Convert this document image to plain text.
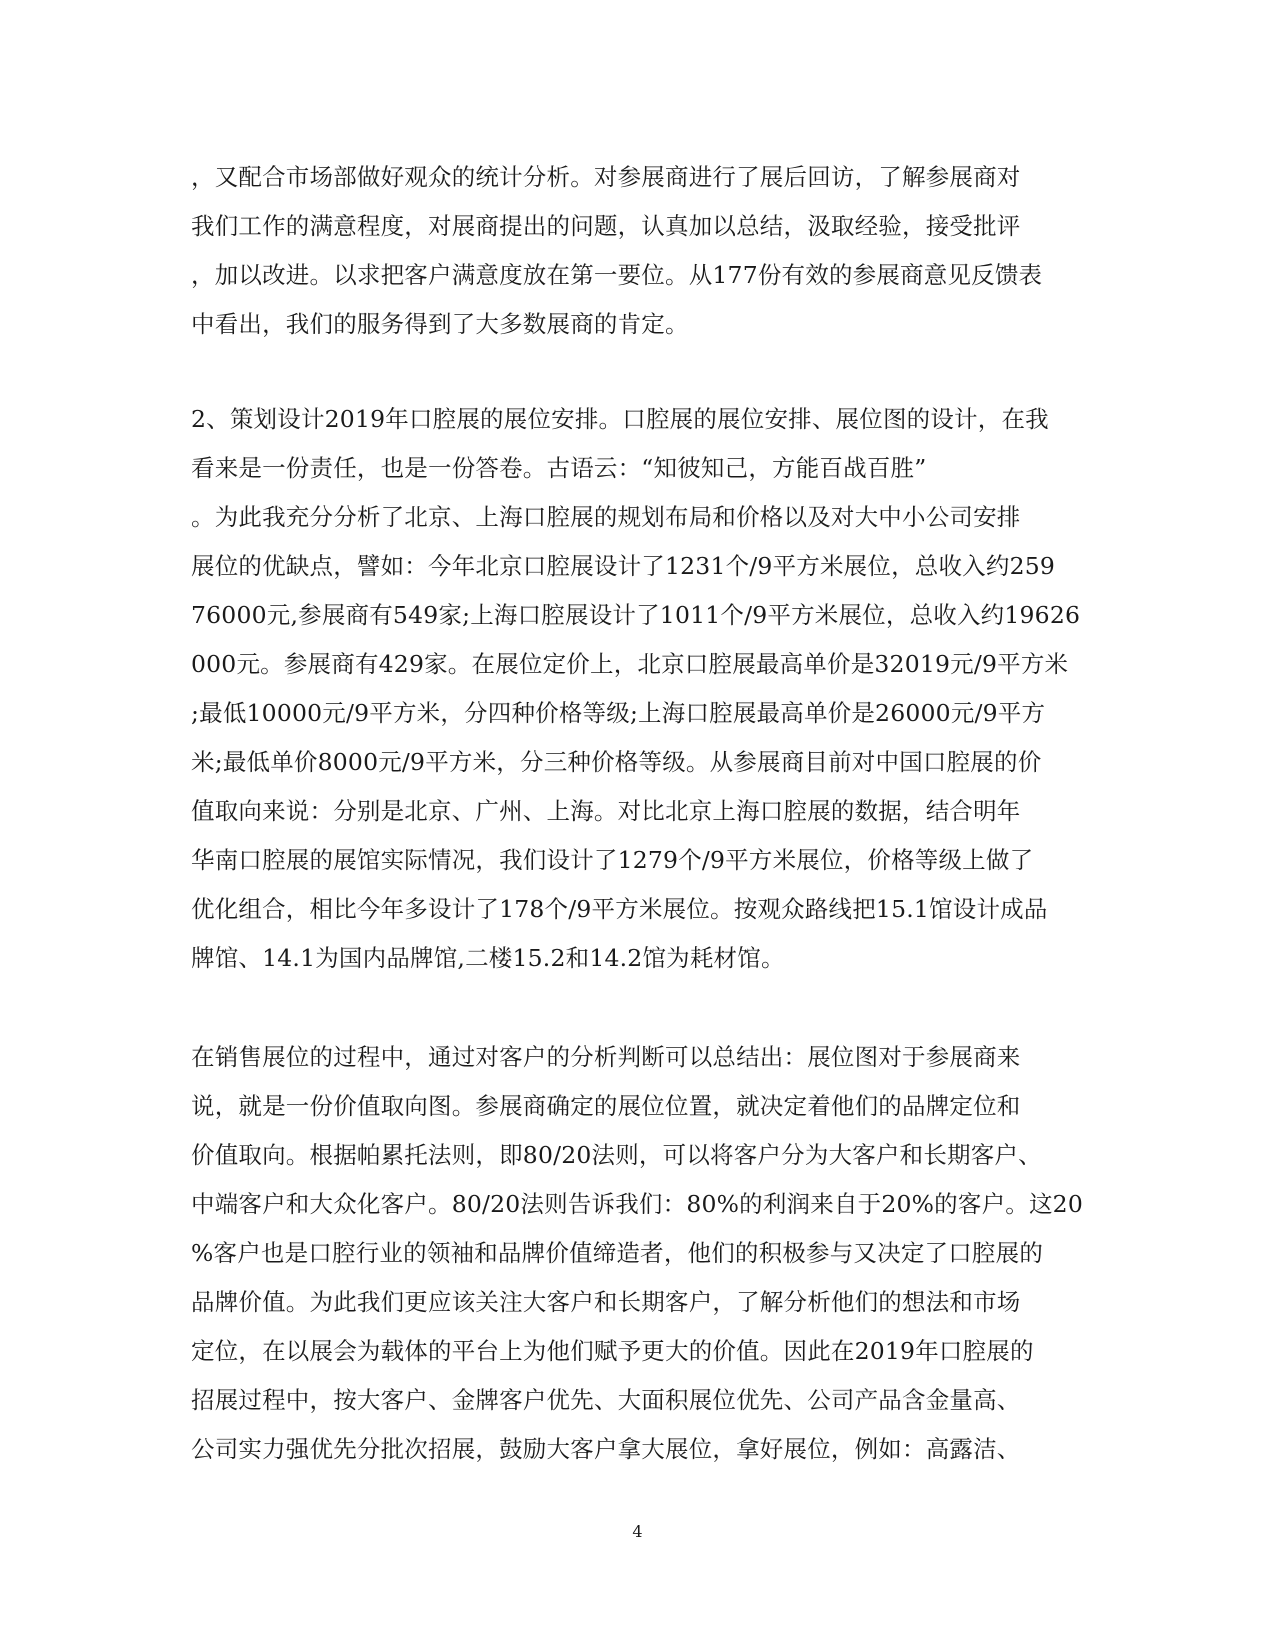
，又配合市场部做好观众的统计分析。对参展商进行了展后回访，了解参展商对
我们工作的满意程度，对展商提出的问题，认真加以总结，汲取经验，接受批评
，加以改进。以求把客户满意度放在第一要位。从177份有效的参展商意见反馈表
中看出，我们的服务得到了大多数展商的肯定。
2、策划设计2019年口腔展的展位安排。口腔展的展位安排、展位图的设计，在我
看来是一份责任，也是一份答卷。古语云：“知彼知己，方能百战百胜”
。为此我充分分析了北京、上海口腔展的规划布局和价格以及对大中小公司安排
展位的优缺点，譬如：今年北京口腔展设计了1231个/9平方米展位，总收入约259
76000元,参展商有549家;上海口腔展设计了1011个/9平方米展位，总收入约19626
000元。参展商有429家。在展位定价上，北京口腔展最高单价是32019元/9平方米
;最低10000元/9平方米，分四种价格等级;上海口腔展最高单价是26000元/9平方
米;最低单价8000元/9平方米，分三种价格等级。从参展商目前对中国口腔展的价
值取向来说：分别是北京、广州、上海。对比北京上海口腔展的数据，结合明年
华南口腔展的展馆实际情况，我们设计了1279个/9平方米展位，价格等级上做了
优化组合，相比今年多设计了178个/9平方米展位。按观众路线把15.1馆设计成品
牌馆、14.1为国内品牌馆,二楼15.2和14.2馆为耗材馆。
在销售展位的过程中，通过对客户的分析判断可以总结出：展位图对于参展商来
说，就是一份价值取向图。参展商确定的展位位置，就决定着他们的品牌定位和
价值取向。根据帕累托法则，即80/20法则，可以将客户分为大客户和长期客户、
中端客户和大众化客户。80/20法则告诉我们：80%的利润来自于20%的客户。这20
%客户也是口腔行业的领袖和品牌价值缔造者，他们的积极参与又决定了口腔展的
品牌价值。为此我们更应该关注大客户和长期客户，了解分析他们的想法和市场
定位，在以展会为载体的平台上为他们赋予更大的价值。因此在2019年口腔展的
招展过程中，按大客户、金牌客户优先、大面积展位优先、公司产品含金量高、
公司实力强优先分批次招展，鼓励大客户拿大展位，拿好展位，例如：高露洁、
4
